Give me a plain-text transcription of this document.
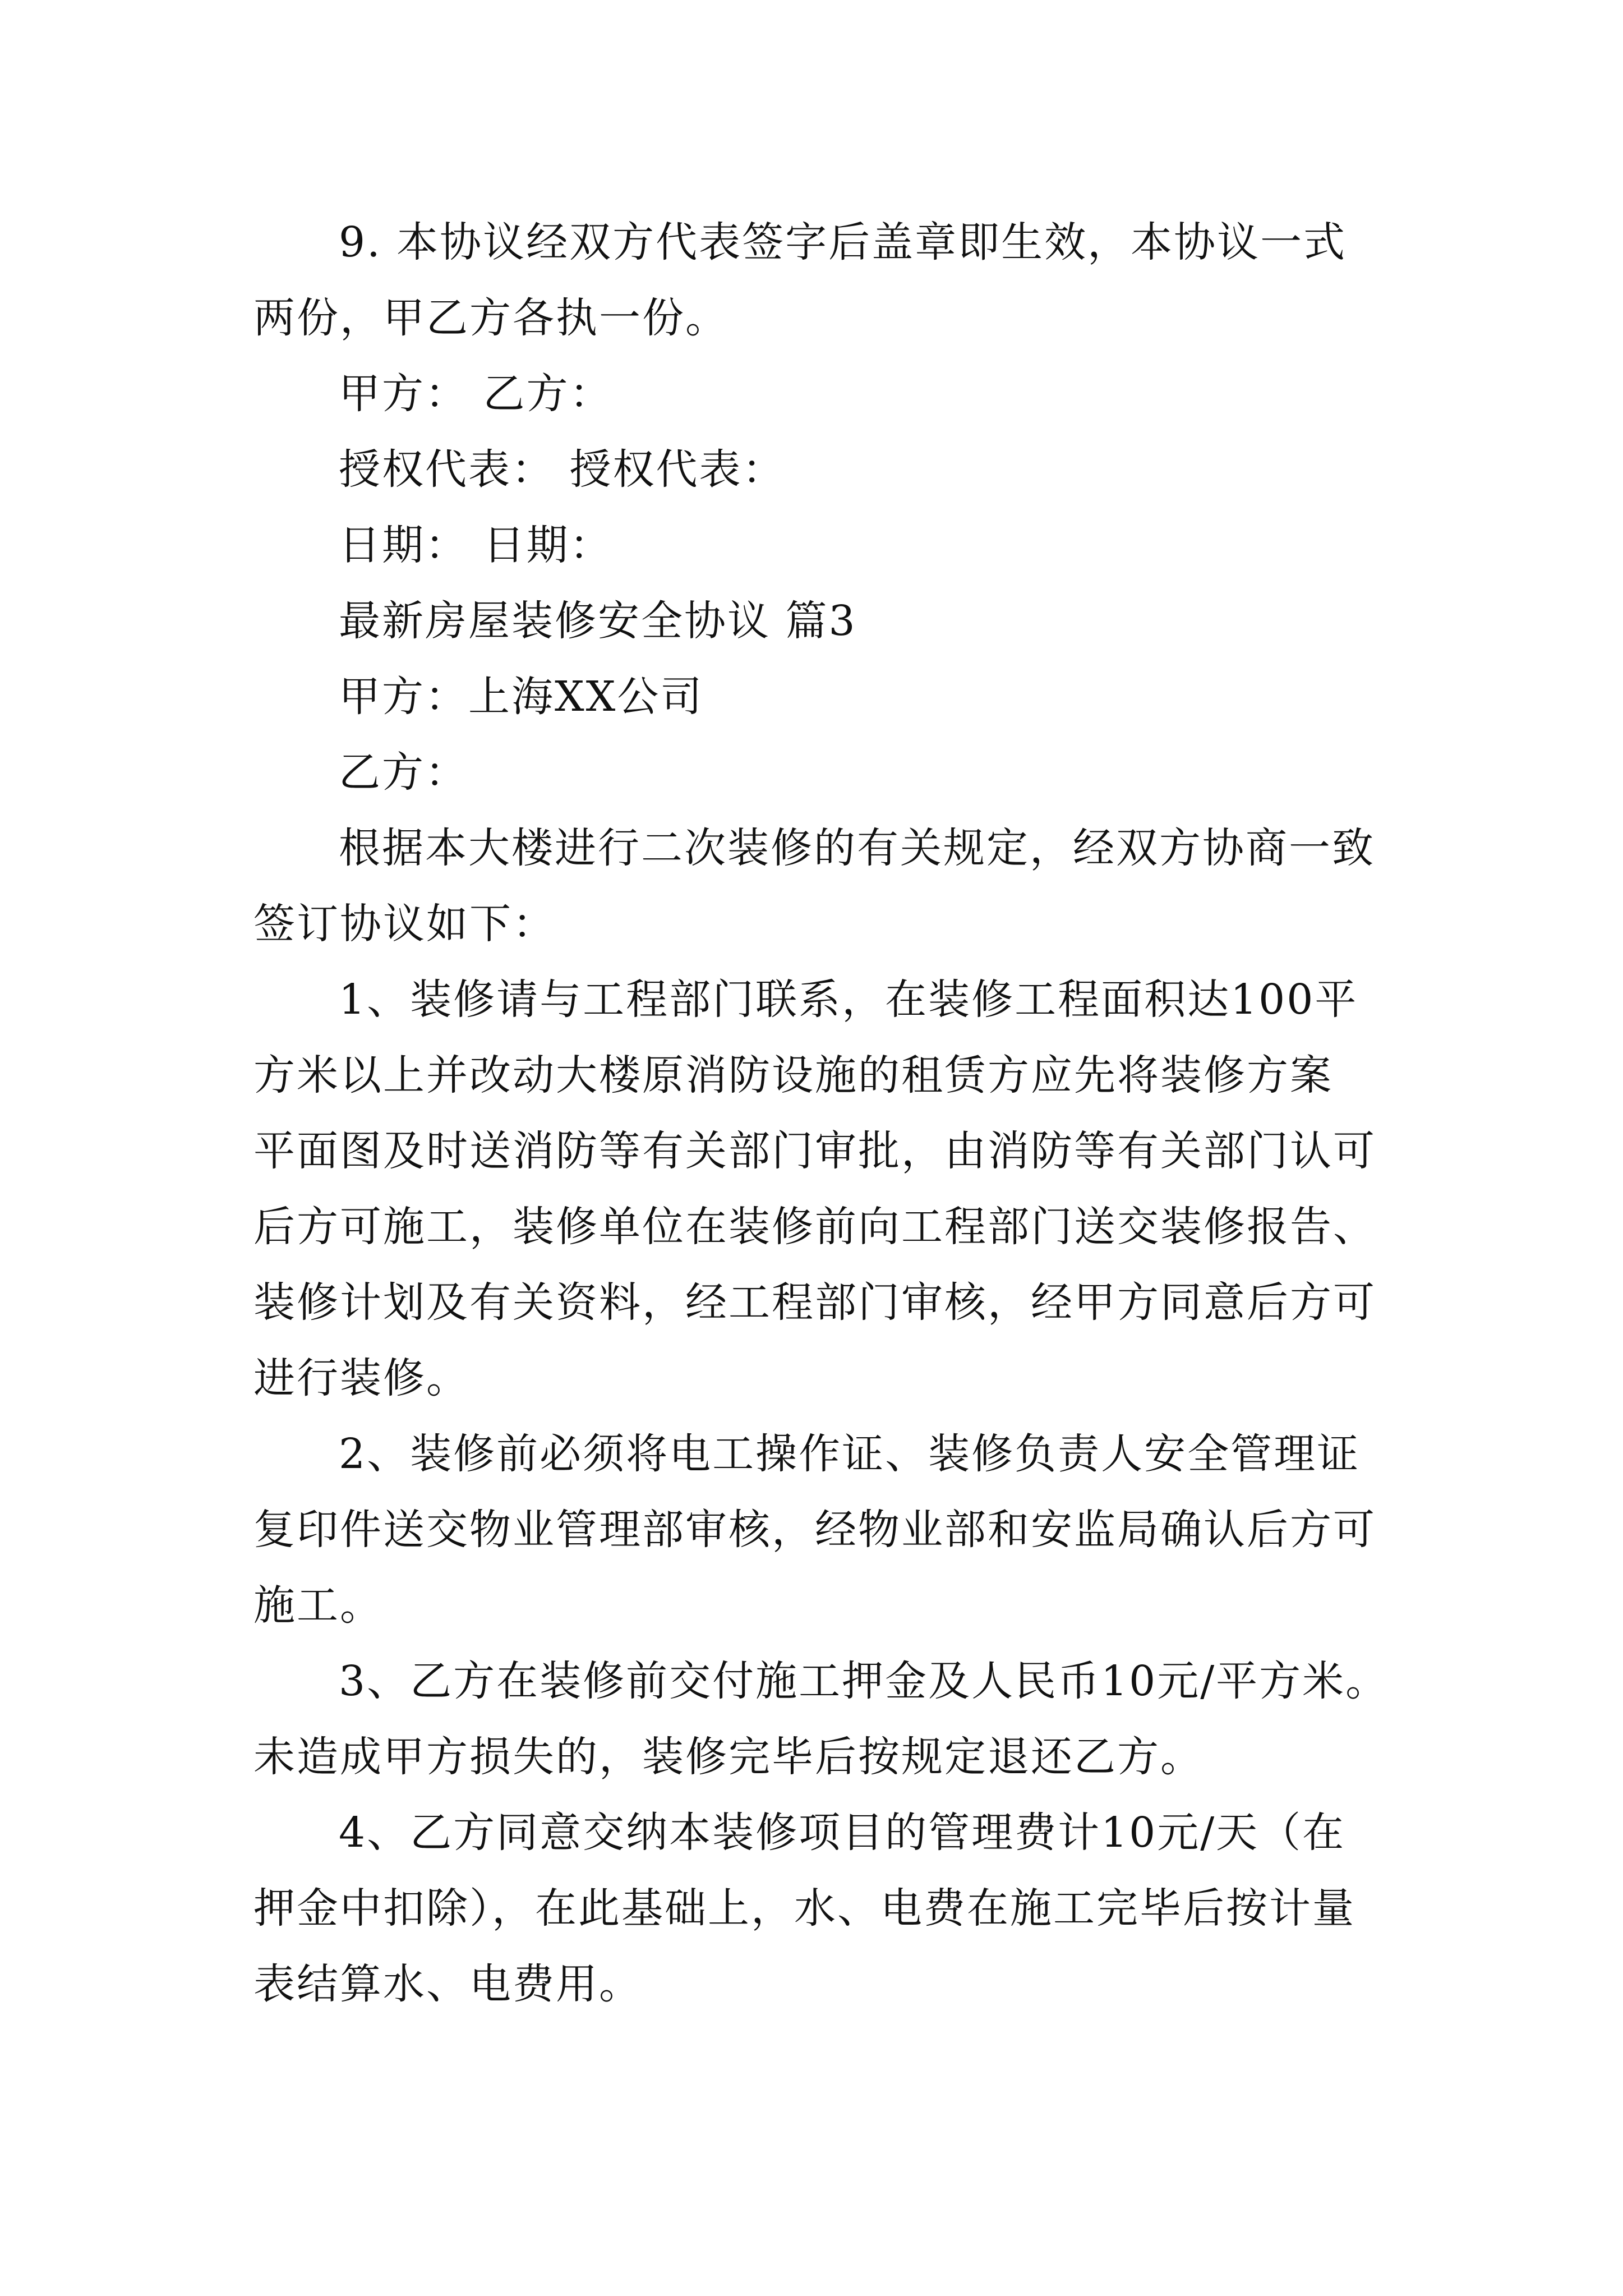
9. 本协议经双方代表签字后盖章即生效，本协议一式
两份，甲乙方各执一份。
甲方： 乙方：
授权代表： 授权代表：
日期： 日期：
最新房屋装修安全协议 篇3
甲方：上海XX公司
乙方：
根据本大楼进行二次装修的有关规定，经双方协商一致
签订协议如下：
1、装修请与工程部门联系，在装修工程面积达100平
方米以上并改动大楼原消防设施的租赁方应先将装修方案
平面图及时送消防等有关部门审批，由消防等有关部门认可
后方可施工，装修单位在装修前向工程部门送交装修报告、
装修计划及有关资料，经工程部门审核，经甲方同意后方可
进行装修。
2、装修前必须将电工操作证、装修负责人安全管理证
复印件送交物业管理部审核，经物业部和安监局确认后方可
施工。
3、乙方在装修前交付施工押金及人民币10元/平方米。
未造成甲方损失的，装修完毕后按规定退还乙方。
4、乙方同意交纳本装修项目的管理费计10元/天（在
押金中扣除），在此基础上，水、电费在施工完毕后按计量
表结算水、电费用。
